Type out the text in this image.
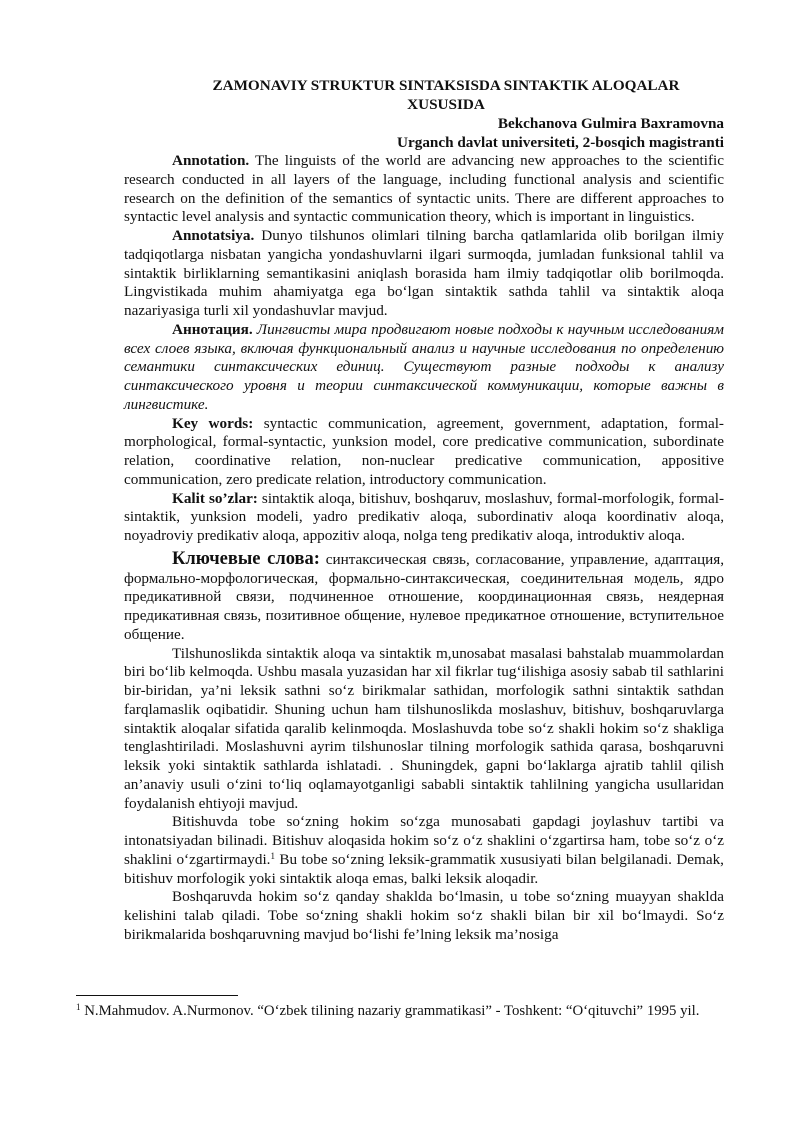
ZAMONAVIY STRUKTUR SINTAKSISDA SINTAKTIK ALOQALAR
XUSUSIDA

Bekchanova Gulmira Baxramovna

Urganch davlat universiteti, 2-bosqich magistranti

Annotation. The linguists of the world are advancing new approaches to the scientific research conducted in all layers of the language, including functional analysis and scientific research on the definition of the semantics of syntactic units. There are different approaches to syntactic level analysis and syntactic communication theory, which is important in linguistics.

Annotatsiya. Dunyo tilshunos olimlari tilning barcha qatlamlarida olib borilgan ilmiy tadqiqotlarga nisbatan yangicha yondashuvlarni ilgari surmoqda, jumladan funksional tahlil va sintaktik birliklarning semantikasini aniqlash borasida ham ilmiy tadqiqotlar olib borilmoqda. Lingvistikada muhim ahamiyatga ega bo‘lgan sintaktik sathda tahlil va sintaktik aloqa nazariyasiga turli xil yondashuvlar mavjud.

Аннотация. Лингвисты мира продвигают новые подходы к научным исследованиям всех слоев языка, включая функциональный анализ и научные исследования по определению семантики синтаксических единиц. Существуют разные подходы к анализу синтаксического уровня и теории синтаксической коммуникации, которые важны в лингвистике.

Key words: syntactic communication, agreement, government, adaptation, formal-morphological, formal-syntactic, yunksion model, core predicative communication, subordinate relation, coordinative relation, non-nuclear predicative communication, appositive communication, zero predicate relation, introductory communication.

Kalit so’zlar: sintaktik aloqa, bitishuv, boshqaruv, moslashuv, formal-morfologik, formal-sintaktik, yunksion modeli, yadro predikativ aloqa, subordinativ aloqa koordinativ aloqa, noyadroviy predikativ aloqa, appozitiv aloqa, nolga teng predikativ aloqa, introduktiv aloqa.

Ключевые слова: синтаксическая связь, согласование, управление, адаптация, формально-морфологическая, формально-синтаксическая, соединительная модель, ядро предикативной связи, подчиненное отношение, координационная связь, неядерная предикативная связь, позитивное общение, нулевое предикатное отношение, вступительное общение.

Tilshunoslikda sintaktik aloqa va sintaktik m,unosabat masalasi bahstalab muammolardan biri bo‘lib kelmoqda. Ushbu masala yuzasidan har xil fikrlar tug‘ilishiga asosiy sabab til sathlarini bir-biridan, ya’ni leksik sathni so‘z birikmalar sathidan, morfologik sathni sintaktik sathdan farqlamaslik oqibatidir. Shuning uchun ham tilshunoslikda moslashuv, bitishuv, boshqaruvlarga sintaktik aloqalar sifatida qaralib kelinmoqda. Moslashuvda tobe so‘z shakli hokim so‘z shakliga tenglashtiriladi. Moslashuvni ayrim tilshunoslar tilning morfologik sathida qarasa, boshqaruvni leksik yoki sintaktik sathlarda ishlatadi. . Shuningdek, gapni bo‘laklarga ajratib tahlil qilish an’anaviy usuli o‘zini to‘liq oqlamayotganligi sababli sintaktik tahlilning yangicha usullaridan foydalanish ehtiyoji mavjud.

Bitishuvda tobe so‘zning hokim so‘zga munosabati gapdagi joylashuv tartibi va intonatsiyadan bilinadi. Bitishuv aloqasida hokim so‘z o‘z shaklini o‘zgartirsa ham, tobe so‘z o‘z shaklini o‘zgartirmaydi.$^1$ Bu tobe so‘zning leksik-grammatik xususiyati bilan belgilanadi. Demak, bitishuv morfologik yoki sintaktik aloqa emas, balki leksik aloqadir.

Boshqaruvda hokim so‘z qanday shaklda bo‘lmasin, u tobe so‘zning muayyan shaklda kelishini talab qiladi. Tobe so‘zning shakli hokim so‘z shakli bilan bir xil bo‘lmaydi. So‘z birikmalarida boshqaruvning mavjud bo‘lishi fe’lning leksik ma’nosiga

$^1$ N.Mahmudov. A.Nurmonov. “O‘zbek tilining nazariy grammatikasi” - Toshkent: “O‘qituvchi” 1995 yil.
